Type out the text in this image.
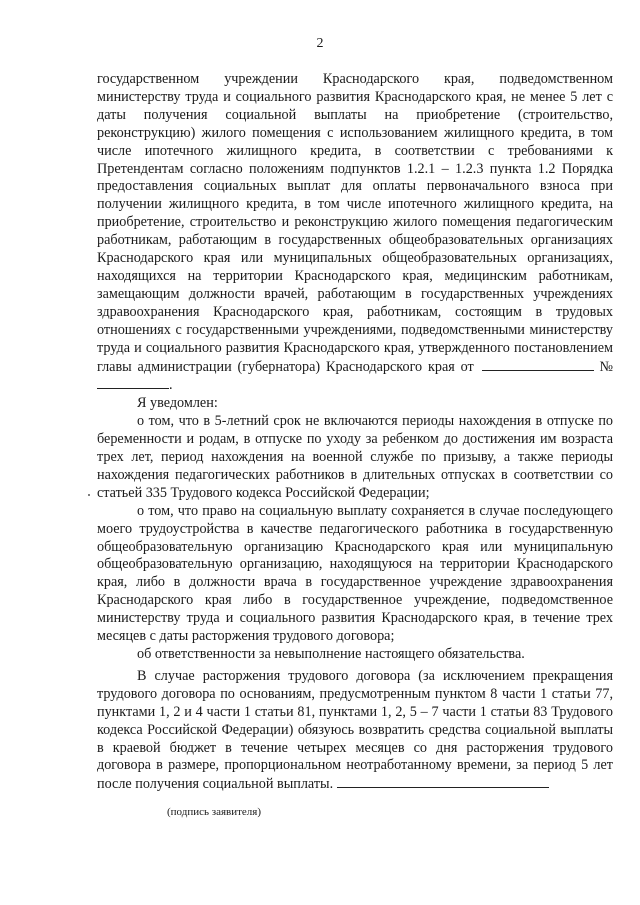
2

государственном учреждении Краснодарского края, подведомственном министерству труда и социального развития Краснодарского края, не менее 5 лет с даты получения социальной выплаты на приобретение (строительство, реконструкцию) жилого помещения с использованием жилищного кредита, в том числе ипотечного жилищного кредита, в соответствии с требованиями к Претендентам согласно положениям подпунктов 1.2.1 – 1.2.3 пункта 1.2 Порядка предоставления социальных выплат для оплаты первоначального взноса при получении жилищного кредита, в том числе ипотечного жилищного кредита, на приобретение, строительство и реконструкцию жилого помещения педагогическим работникам, работающим в государственных общеобразовательных организациях Краснодарского края или муниципальных общеобразовательных организациях, находящихся на территории Краснодарского края, медицинским работникам, замещающим должности врачей, работающим в государственных учреждениях здравоохранения Краснодарского края, работникам, состоящим в трудовых отношениях с государственными учреждениями, подведомственными министерству труда и социального развития Краснодарского края, утвержденного постановлением главы администрации (губернатора) Краснодарского края от	№.

Я уведомлен:

о том, что в 5-летний срок не включаются периоды нахождения в отпуске по беременности и родам, в отпуске по уходу за ребенком до достижения им возраста трех лет, период нахождения на военной службе по призыву, а также периоды нахождения педагогических работников в длительных отпусках в соответствии со статьей 335 Трудового кодекса Российской Федерации;

о том, что право на социальную выплату сохраняется в случае последующего моего трудоустройства в качестве педагогического работника в государственную общеобразовательную организацию Краснодарского края или муниципальную общеобразовательную организацию, находящуюся на территории Краснодарского края, либо в должности врача в государственное учреждение здравоохранения Краснодарского края либо в государственное учреждение, подведомственное министерству труда и социального развития Краснодарского края, в течение трех месяцев с даты расторжения трудового договора;

об ответственности за невыполнение настоящего обязательства.

В случае расторжения трудового договора (за исключением прекращения трудового договора по основаниям, предусмотренным пунктом 8 части 1 статьи 77, пунктами 1, 2 и 4 части 1 статьи 81, пунктами 1, 2, 5 – 7 части 1 статьи 83 Трудового кодекса Российской Федерации) обязуюсь возвратить средства социальной выплаты в краевой бюджет в течение четырех месяцев со дня расторжения трудового договора в размере, пропорциональном неотработанному времени, за период 5 лет после получения социальной выплаты.

(подпись заявителя)
